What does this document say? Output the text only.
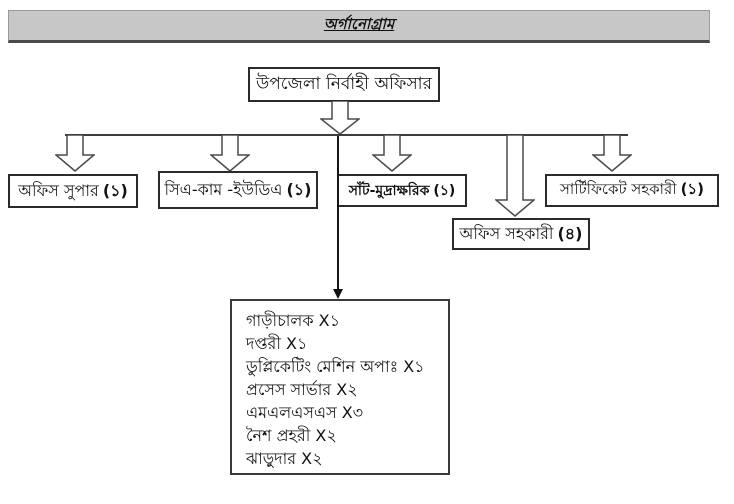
অর্গানোগ্রাম
উপজেলা নির্বাহী অফিসার
অফিস সুপার (১) সিএ-কাম -ইউডিএ (১)	সাঁট-মুদ্রাক্ষরিক (১)	সার্টিফিকেট সহকারী (১)
অফিস সহকারী (৪)
গাড়ীচালক X১
দপ্তরী X১
ডুপ্লিকেটিং মেশিন অপাঃ X১
প্রসেস সার্ভার X২
এমএলএসএস X৩
নৈশ প্রহরী X২
ঝাড়ুদার X২
